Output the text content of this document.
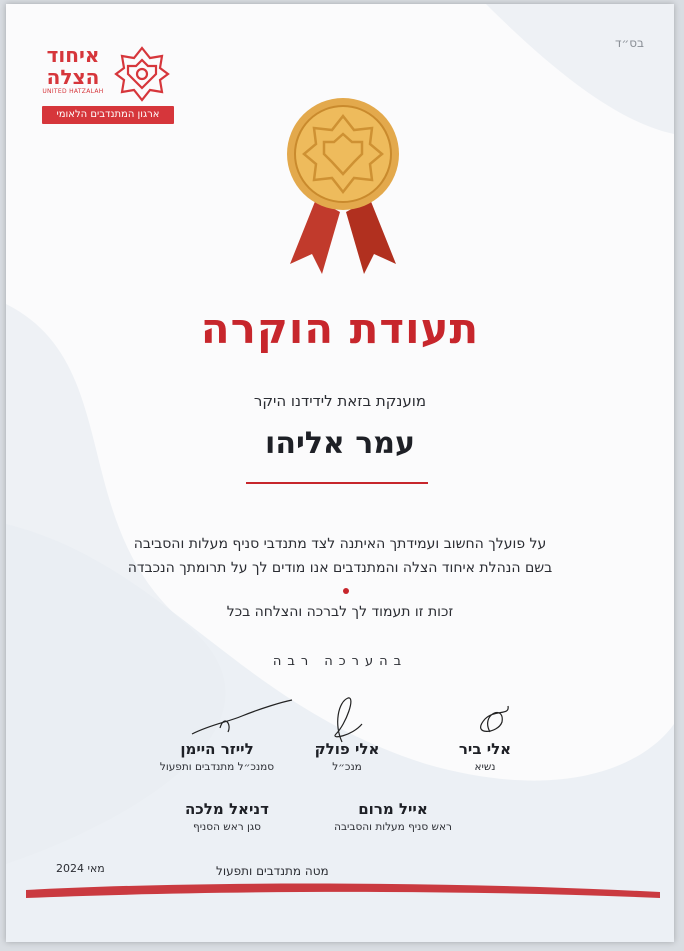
בס״ד
איחוד
הצלה
UNITED HATZALAH
ארגון המתנדבים הלאומי
תעודת הוקרה
מוענקת בזאת לידידנו היקר
עמר אליהו
על פועלך החשוב ועמידתך האיתנה לצד מתנדבי סניף מעלות והסביבה
בשם הנהלת איחוד הצלה והמתנדבים אנו מודים לך על תרומתך הנכבדה
זכות זו תעמוד לך לברכה והצלחה בכל
בהערכה רבה
אלי ביר
נשיא
אלי פולק
מנכ״ל
לייזר היימן
סמנכ״ל מתנדבים ותפעול
אייל מרום
ראש סניף מעלות והסביבה
דניאל מלכה
סגן ראש הסניף
מאי 2024	מטה מתנדבים ותפעול
